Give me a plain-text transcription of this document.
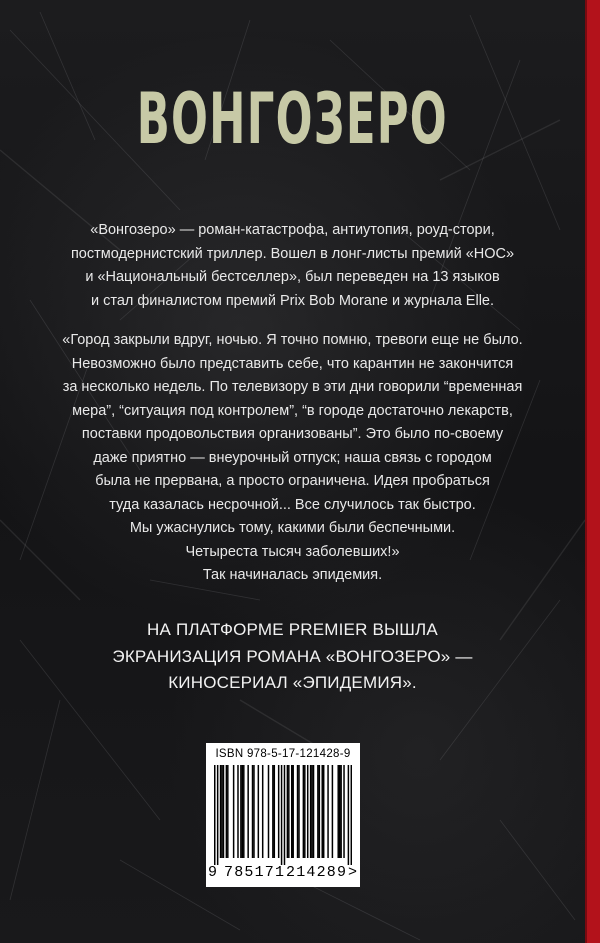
ВОНГОЗЕРО
«Вонгозеро» — роман-катастрофа, антиутопия, роуд-стори,
постмодернистский триллер. Вошел в лонг-листы премий «НОС»
и «Национальный бестселлер», был переведен на 13 языков
и стал финалистом премий Prix Bob Morane и журнала Elle.
«Город закрыли вдруг, ночью. Я точно помню, тревоги еще не было.
Невозможно было представить себе, что карантин не закончится
за несколько недель. По телевизору в эти дни говорили “временная
мера”, “ситуация под контролем”, “в городе достаточно лекарств,
поставки продовольствия организованы”. Это было по-своему
даже приятно — внеурочный отпуск; наша связь с городом
была не прервана, а просто ограничена. Идея пробраться
туда казалась несрочной... Все случилось так быстро.
Мы ужаснулись тому, какими были беспечными.
Четыреста тысяч заболевших!»
Так начиналась эпидемия.
НА ПЛАТФОРМЕ PREMIER ВЫШЛА
ЭКРАНИЗАЦИЯ РОМАНА «ВОНГОЗЕРО» —
КИНОСЕРИАЛ «ЭПИДЕМИЯ».
ISBN 978-5-17-121428-9
9 785171 214289 >
